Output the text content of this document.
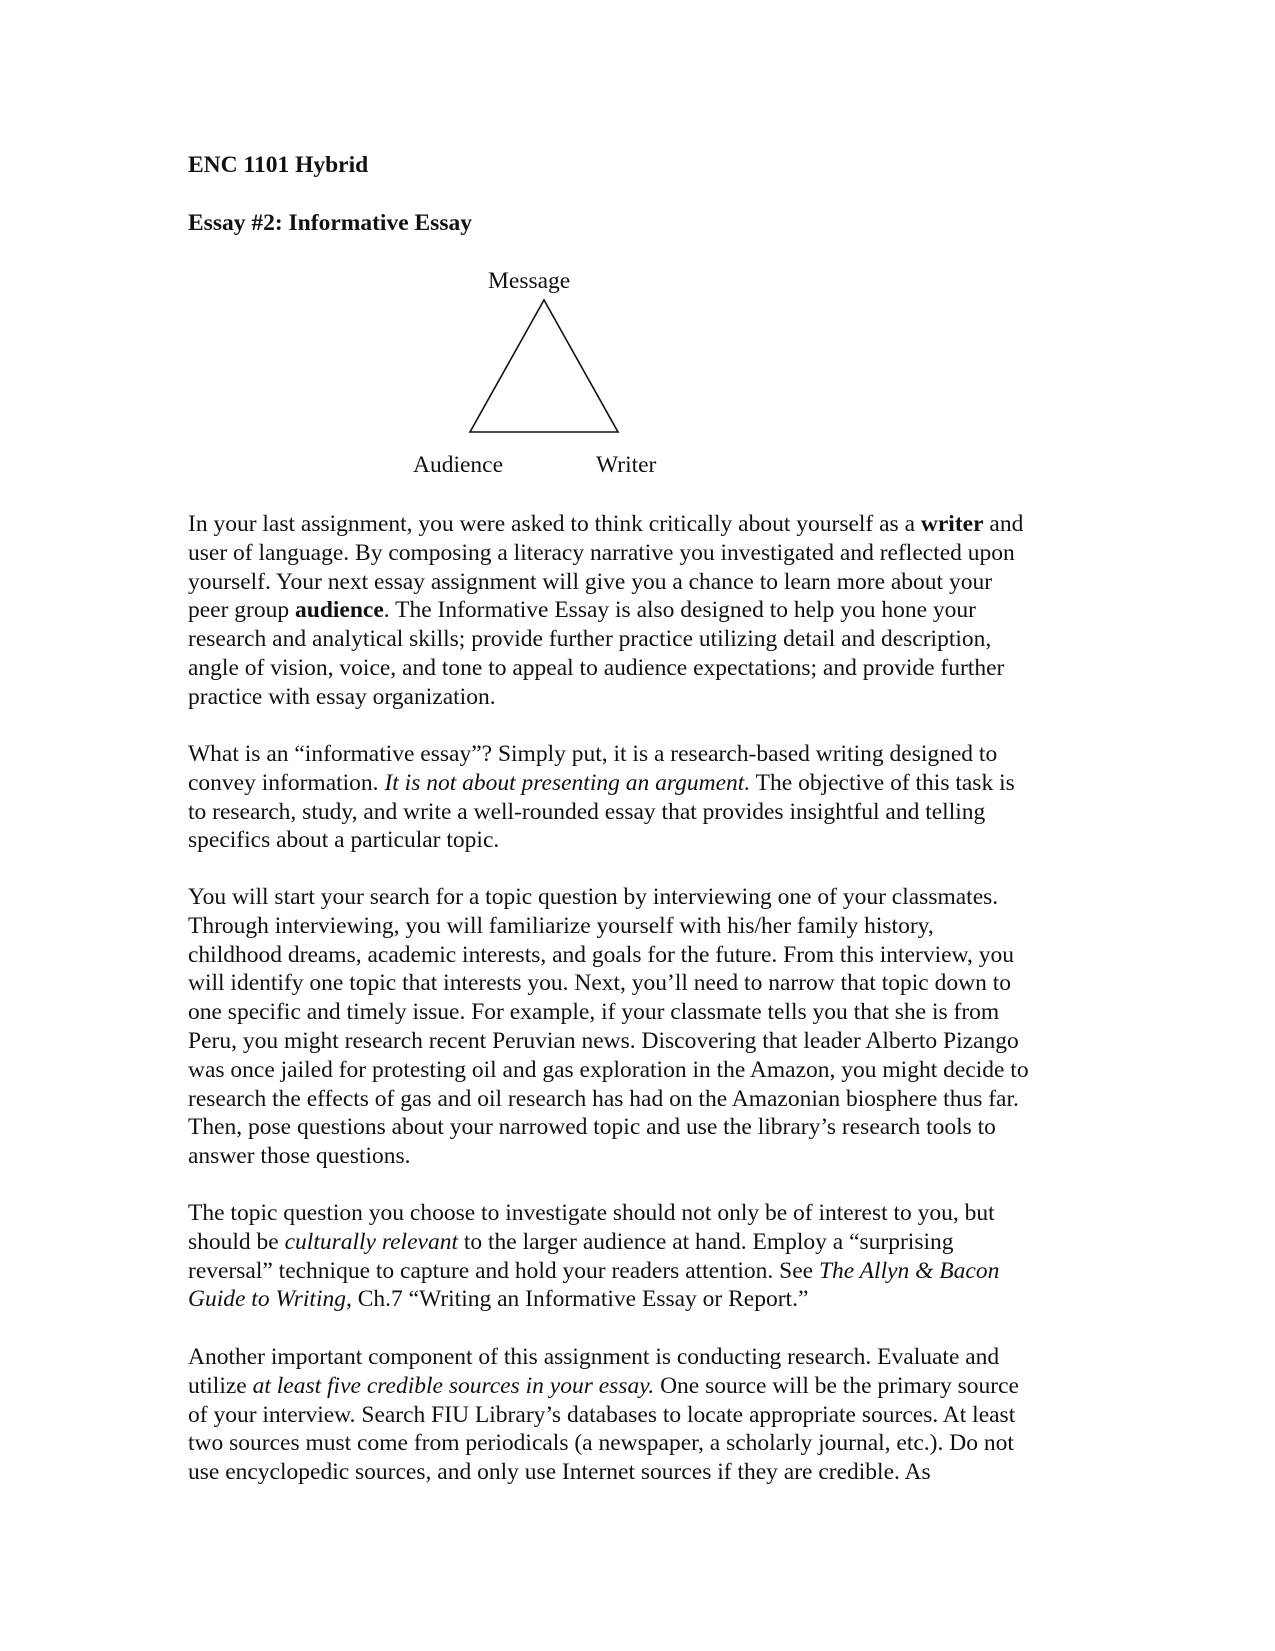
ENC 1101 Hybrid
Essay #2: Informative Essay
Message
Audience	Writer
In your last assignment, you were asked to think critically about yourself as a writer and
user of language. By composing a literacy narrative you investigated and reflected upon
yourself. Your next essay assignment will give you a chance to learn more about your
peer group audience. The Informative Essay is also designed to help you hone your
research and analytical skills; provide further practice utilizing detail and description,
angle of vision, voice, and tone to appeal to audience expectations; and provide further
practice with essay organization.
What is an “informative essay”? Simply put, it is a research-based writing designed to
convey information. It is not about presenting an argument. The objective of this task is
to research, study, and write a well-rounded essay that provides insightful and telling
specifics about a particular topic.
You will start your search for a topic question by interviewing one of your classmates.
Through interviewing, you will familiarize yourself with his/her family history,
childhood dreams, academic interests, and goals for the future. From this interview, you
will identify one topic that interests you. Next, you’ll need to narrow that topic down to
one specific and timely issue. For example, if your classmate tells you that she is from
Peru, you might research recent Peruvian news. Discovering that leader Alberto Pizango
was once jailed for protesting oil and gas exploration in the Amazon, you might decide to
research the effects of gas and oil research has had on the Amazonian biosphere thus far.
Then, pose questions about your narrowed topic and use the library’s research tools to
answer those questions.
The topic question you choose to investigate should not only be of interest to you, but
should be culturally relevant to the larger audience at hand. Employ a “surprising
reversal” technique to capture and hold your readers attention. See The Allyn & Bacon
Guide to Writing, Ch.7 “Writing an Informative Essay or Report.”
Another important component of this assignment is conducting research. Evaluate and
utilize at least five credible sources in your essay. One source will be the primary source
of your interview. Search FIU Library’s databases to locate appropriate sources. At least
two sources must come from periodicals (a newspaper, a scholarly journal, etc.). Do not
use encyclopedic sources, and only use Internet sources if they are credible. As
